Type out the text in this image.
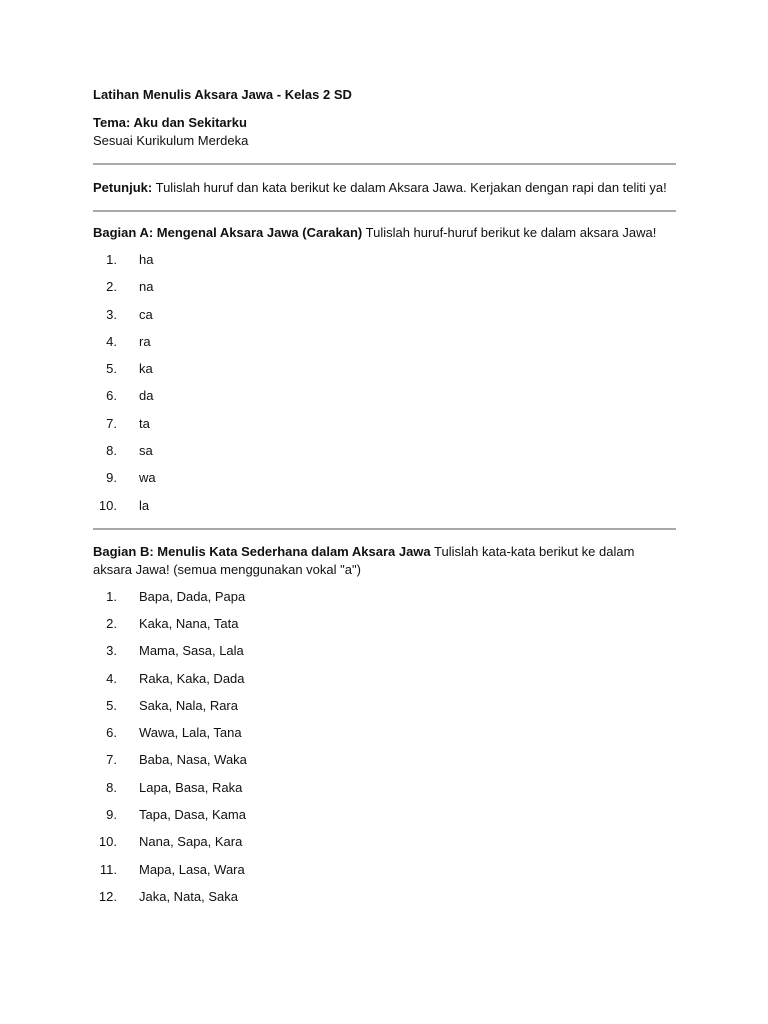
Latihan Menulis Aksara Jawa - Kelas 2 SD
Tema: Aku dan Sekitarku
Sesuai Kurikulum Merdeka
Petunjuk: Tulislah huruf dan kata berikut ke dalam Aksara Jawa. Kerjakan dengan rapi dan teliti ya!
Bagian A: Mengenal Aksara Jawa (Carakan) Tulislah huruf-huruf berikut ke dalam aksara Jawa!
1.	ha
2.	na
3.	ca
4.	ra
5.	ka
6.	da
7.	ta
8.	sa
9.	wa
10.	la
Bagian B: Menulis Kata Sederhana dalam Aksara Jawa Tulislah kata-kata berikut ke dalam aksara Jawa! (semua menggunakan vokal "a")
1.	Bapa, Dada, Papa
2.	Kaka, Nana, Tata
3.	Mama, Sasa, Lala
4.	Raka, Kaka, Dada
5.	Saka, Nala, Rara
6.	Wawa, Lala, Tana
7.	Baba, Nasa, Waka
8.	Lapa, Basa, Raka
9.	Tapa, Dasa, Kama
10.	Nana, Sapa, Kara
11.	Mapa, Lasa, Wara
12.	Jaka, Nata, Saka
